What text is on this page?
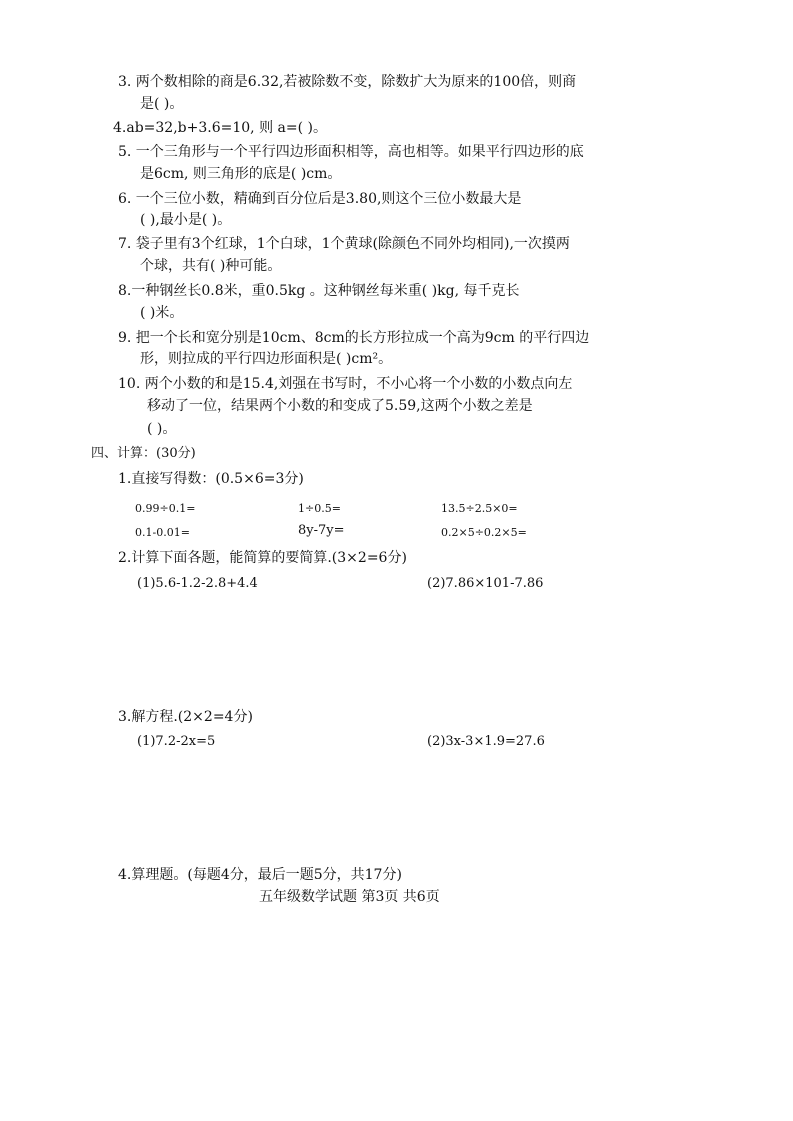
3. 两个数相除的商是6.32,若被除数不变，除数扩大为原来的100倍，则商
是( )。
4.ab=32,b+3.6=10, 则 a=( )。
5. 一个三角形与一个平行四边形面积相等，高也相等。如果平行四边形的底
是6cm, 则三角形的底是( )cm。
6. 一个三位小数，精确到百分位后是3.80,则这个三位小数最大是
( ),最小是( )。
7. 袋子里有3个红球，1个白球，1个黄球(除颜色不同外均相同),一次摸两
个球，共有( )种可能。
8.一种钢丝长0.8米，重0.5kg 。这种钢丝每米重( )kg, 每千克长
( )米。
9. 把一个长和宽分别是10cm、8cm的长方形拉成一个高为9cm 的平行四边
形，则拉成的平行四边形面积是( )cm²。
10. 两个小数的和是15.4,刘强在书写时，不小心将一个小数的小数点向左
移动了一位，结果两个小数的和变成了5.59,这两个小数之差是
( )。
四、计算：(30分)
1.直接写得数：(0.5×6=3分)
0.99÷0.1=	1÷0.5=	13.5÷2.5×0=
0.1-0.01=	8y-7y=	0.2×5÷0.2×5=
2.计算下面各题，能简算的要简算.(3×2=6分)
(1)5.6-1.2-2.8+4.4	(2)7.86×101-7.86
3.解方程.(2×2=4分)
(1)7.2-2x=5	(2)3x-3×1.9=27.6
4.算理题。(每题4分，最后一题5分，共17分)
五年级数学试题 第3页 共6页
